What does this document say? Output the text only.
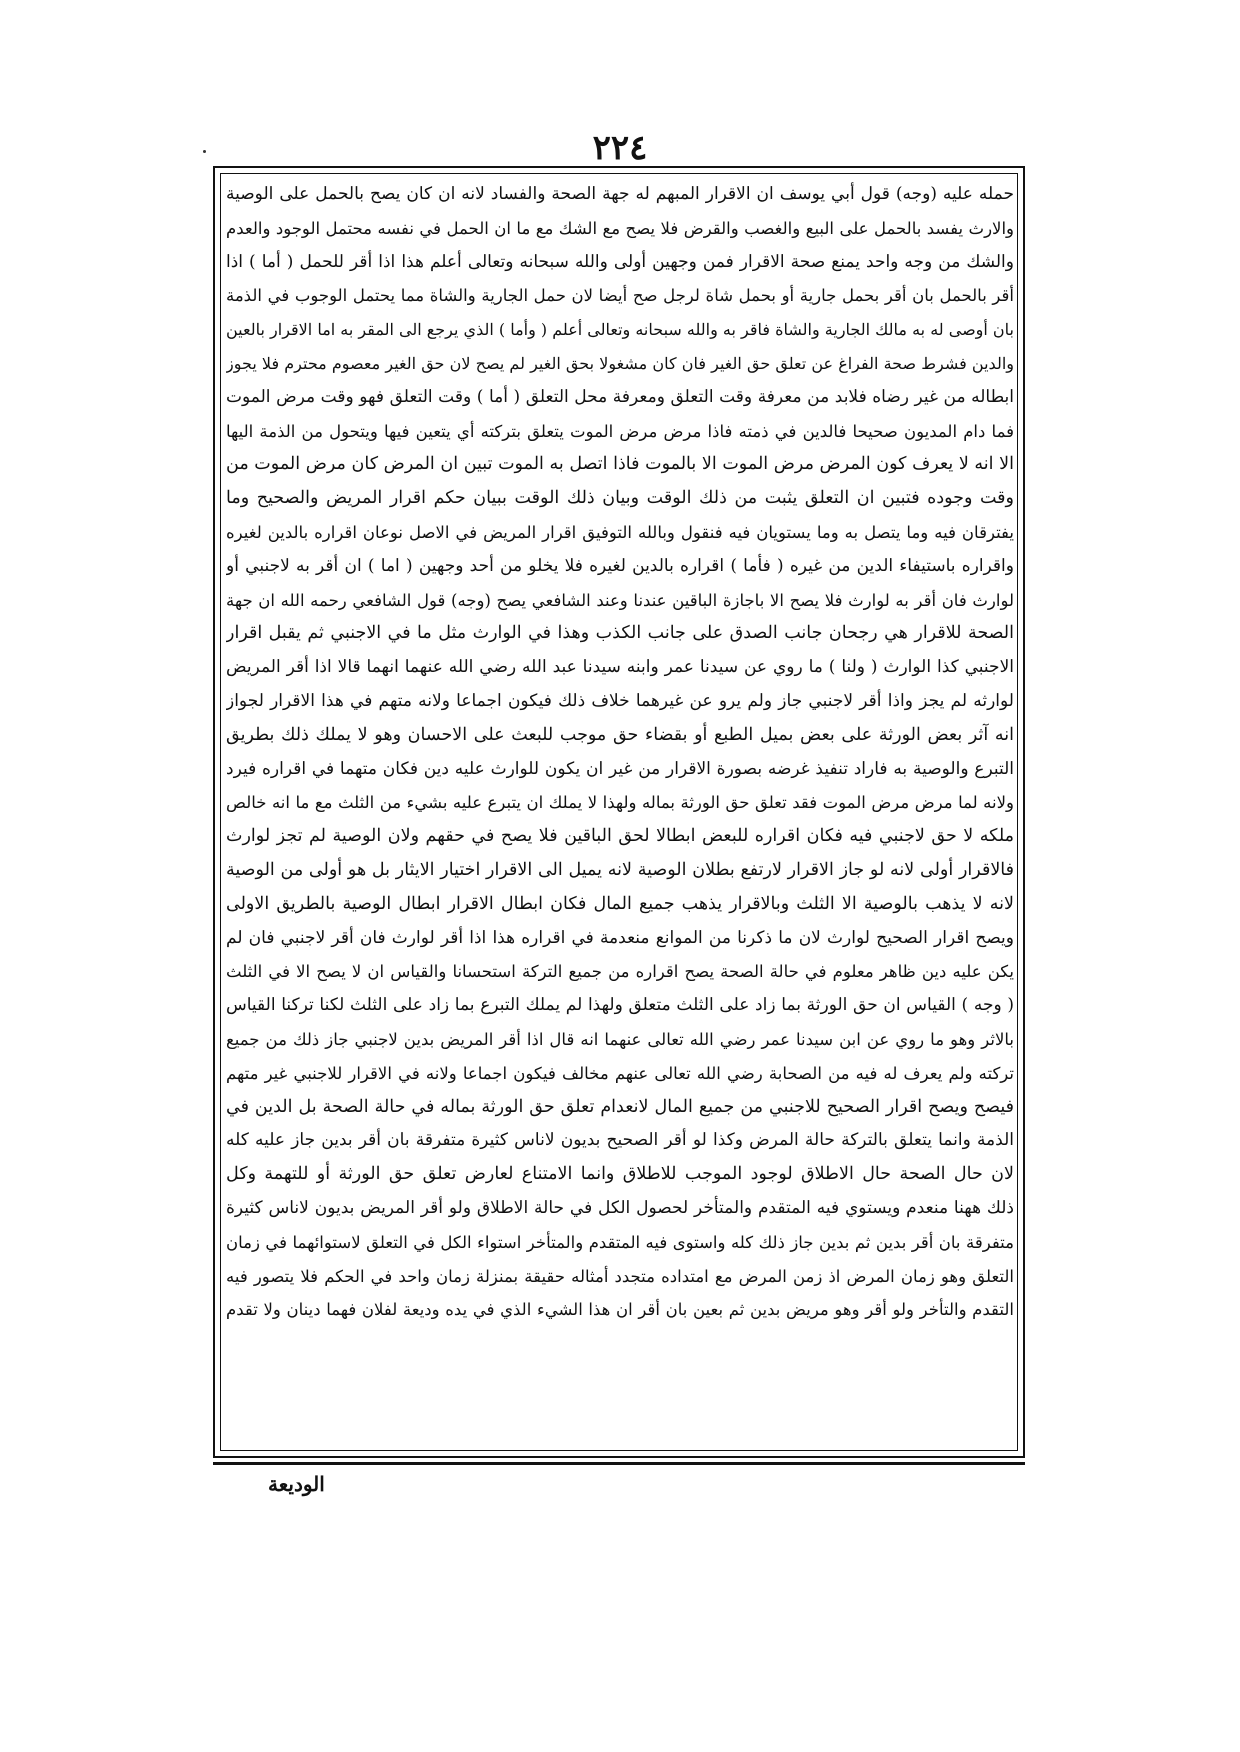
٢٢٤
حمله عليه (وجه) قول أبي يوسف ان الاقرار المبهم له جهة الصحة والفساد لانه ان كان يصح بالحمل على الوصية
والارث يفسد بالحمل على البيع والغصب والقرض فلا يصح مع الشك مع ما ان الحمل في نفسه محتمل الوجود والعدم
والشك من وجه واحد يمنع صحة الاقرار فمن وجهين أولى والله سبحانه وتعالى أعلم هذا اذا أقر للحمل ( أما ) اذا
أقر بالحمل بان أقر بحمل جارية أو بحمل شاة لرجل صح أيضا لان حمل الجارية والشاة مما يحتمل الوجوب في الذمة
بان أوصى له به مالك الجارية والشاة فاقر به والله سبحانه وتعالى أعلم ( وأما ) الذي يرجع الى المقر به اما الاقرار بالعين
والدين فشرط صحة الفراغ عن تعلق حق الغير فان كان مشغولا بحق الغير لم يصح لان حق الغير معصوم محترم فلا يجوز
ابطاله من غير رضاه فلابد من معرفة وقت التعلق ومعرفة محل التعلق ( أما ) وقت التعلق فهو وقت مرض الموت
فما دام المديون صحيحا فالدين في ذمته فاذا مرض مرض الموت يتعلق بتركته أي يتعين فيها ويتحول من الذمة اليها
الا انه لا يعرف كون المرض مرض الموت الا بالموت فاذا اتصل به الموت تبين ان المرض كان مرض الموت من
وقت وجوده فتبين ان التعلق يثبت من ذلك الوقت وبيان ذلك الوقت ببيان حكم اقرار المريض والصحيح وما
يفترقان فيه وما يتصل به وما يستويان فيه فنقول وبالله التوفيق اقرار المريض في الاصل نوعان اقراره بالدين لغيره
واقراره باستيفاء الدين من غيره ( فأما ) اقراره بالدين لغيره فلا يخلو من أحد وجهين ( اما ) ان أقر به لاجنبي أو
لوارث فان أقر به لوارث فلا يصح الا باجازة الباقين عندنا وعند الشافعي يصح (وجه) قول الشافعي رحمه الله ان جهة
الصحة للاقرار هي رجحان جانب الصدق على جانب الكذب وهذا في الوارث مثل ما في الاجنبي ثم يقبل اقرار
الاجنبي كذا الوارث ( ولنا ) ما روي عن سيدنا عمر وابنه سيدنا عبد الله رضي الله عنهما انهما قالا اذا أقر المريض
لوارثه لم يجز واذا أقر لاجنبي جاز ولم يرو عن غيرهما خلاف ذلك فيكون اجماعا ولانه متهم في هذا الاقرار لجواز
انه آثر بعض الورثة على بعض بميل الطبع أو بقضاء حق موجب للبعث على الاحسان وهو لا يملك ذلك بطريق
التبرع والوصية به فاراد تنفيذ غرضه بصورة الاقرار من غير ان يكون للوارث عليه دين فكان متهما في اقراره فيرد
ولانه لما مرض مرض الموت فقد تعلق حق الورثة بماله ولهذا لا يملك ان يتبرع عليه بشيء من الثلث مع ما انه خالص
ملكه لا حق لاجنبي فيه فكان اقراره للبعض ابطالا لحق الباقين فلا يصح في حقهم ولان الوصية لم تجز لوارث
فالاقرار أولى لانه لو جاز الاقرار لارتفع بطلان الوصية لانه يميل الى الاقرار اختيار الايثار بل هو أولى من الوصية
لانه لا يذهب بالوصية الا الثلث وبالاقرار يذهب جميع المال فكان ابطال الاقرار ابطال الوصية بالطريق الاولى
ويصح اقرار الصحيح لوارث لان ما ذكرنا من الموانع منعدمة في اقراره هذا اذا أقر لوارث فان أقر لاجنبي فان لم
يكن عليه دين ظاهر معلوم في حالة الصحة يصح اقراره من جميع التركة استحسانا والقياس ان لا يصح الا في الثلث
( وجه ) القياس ان حق الورثة بما زاد على الثلث متعلق ولهذا لم يملك التبرع بما زاد على الثلث لكنا تركنا القياس
بالاثر وهو ما روي عن ابن سيدنا عمر رضي الله تعالى عنهما انه قال اذا أقر المريض بدين لاجنبي جاز ذلك من جميع
تركته ولم يعرف له فيه من الصحابة رضي الله تعالى عنهم مخالف فيكون اجماعا ولانه في الاقرار للاجنبي غير متهم
فيصح ويصح اقرار الصحيح للاجنبي من جميع المال لانعدام تعلق حق الورثة بماله في حالة الصحة بل الدين في
الذمة وانما يتعلق بالتركة حالة المرض وكذا لو أقر الصحيح بديون لاناس كثيرة متفرقة بان أقر بدين جاز عليه كله
لان حال الصحة حال الاطلاق لوجود الموجب للاطلاق وانما الامتناع لعارض تعلق حق الورثة أو للتهمة وكل
ذلك ههنا منعدم ويستوي فيه المتقدم والمتأخر لحصول الكل في حالة الاطلاق ولو أقر المريض بديون لاناس كثيرة
متفرقة بان أقر بدين ثم بدين جاز ذلك كله واستوى فيه المتقدم والمتأخر استواء الكل في التعلق لاستوائهما في زمان
التعلق وهو زمان المرض اذ زمن المرض مع امتداده متجدد أمثاله حقيقة بمنزلة زمان واحد في الحكم فلا يتصور فيه
التقدم والتأخر ولو أقر وهو مريض بدين ثم بعين بان أقر ان هذا الشيء الذي في يده وديعة لفلان فهما دينان ولا تقدم
الوديعة
